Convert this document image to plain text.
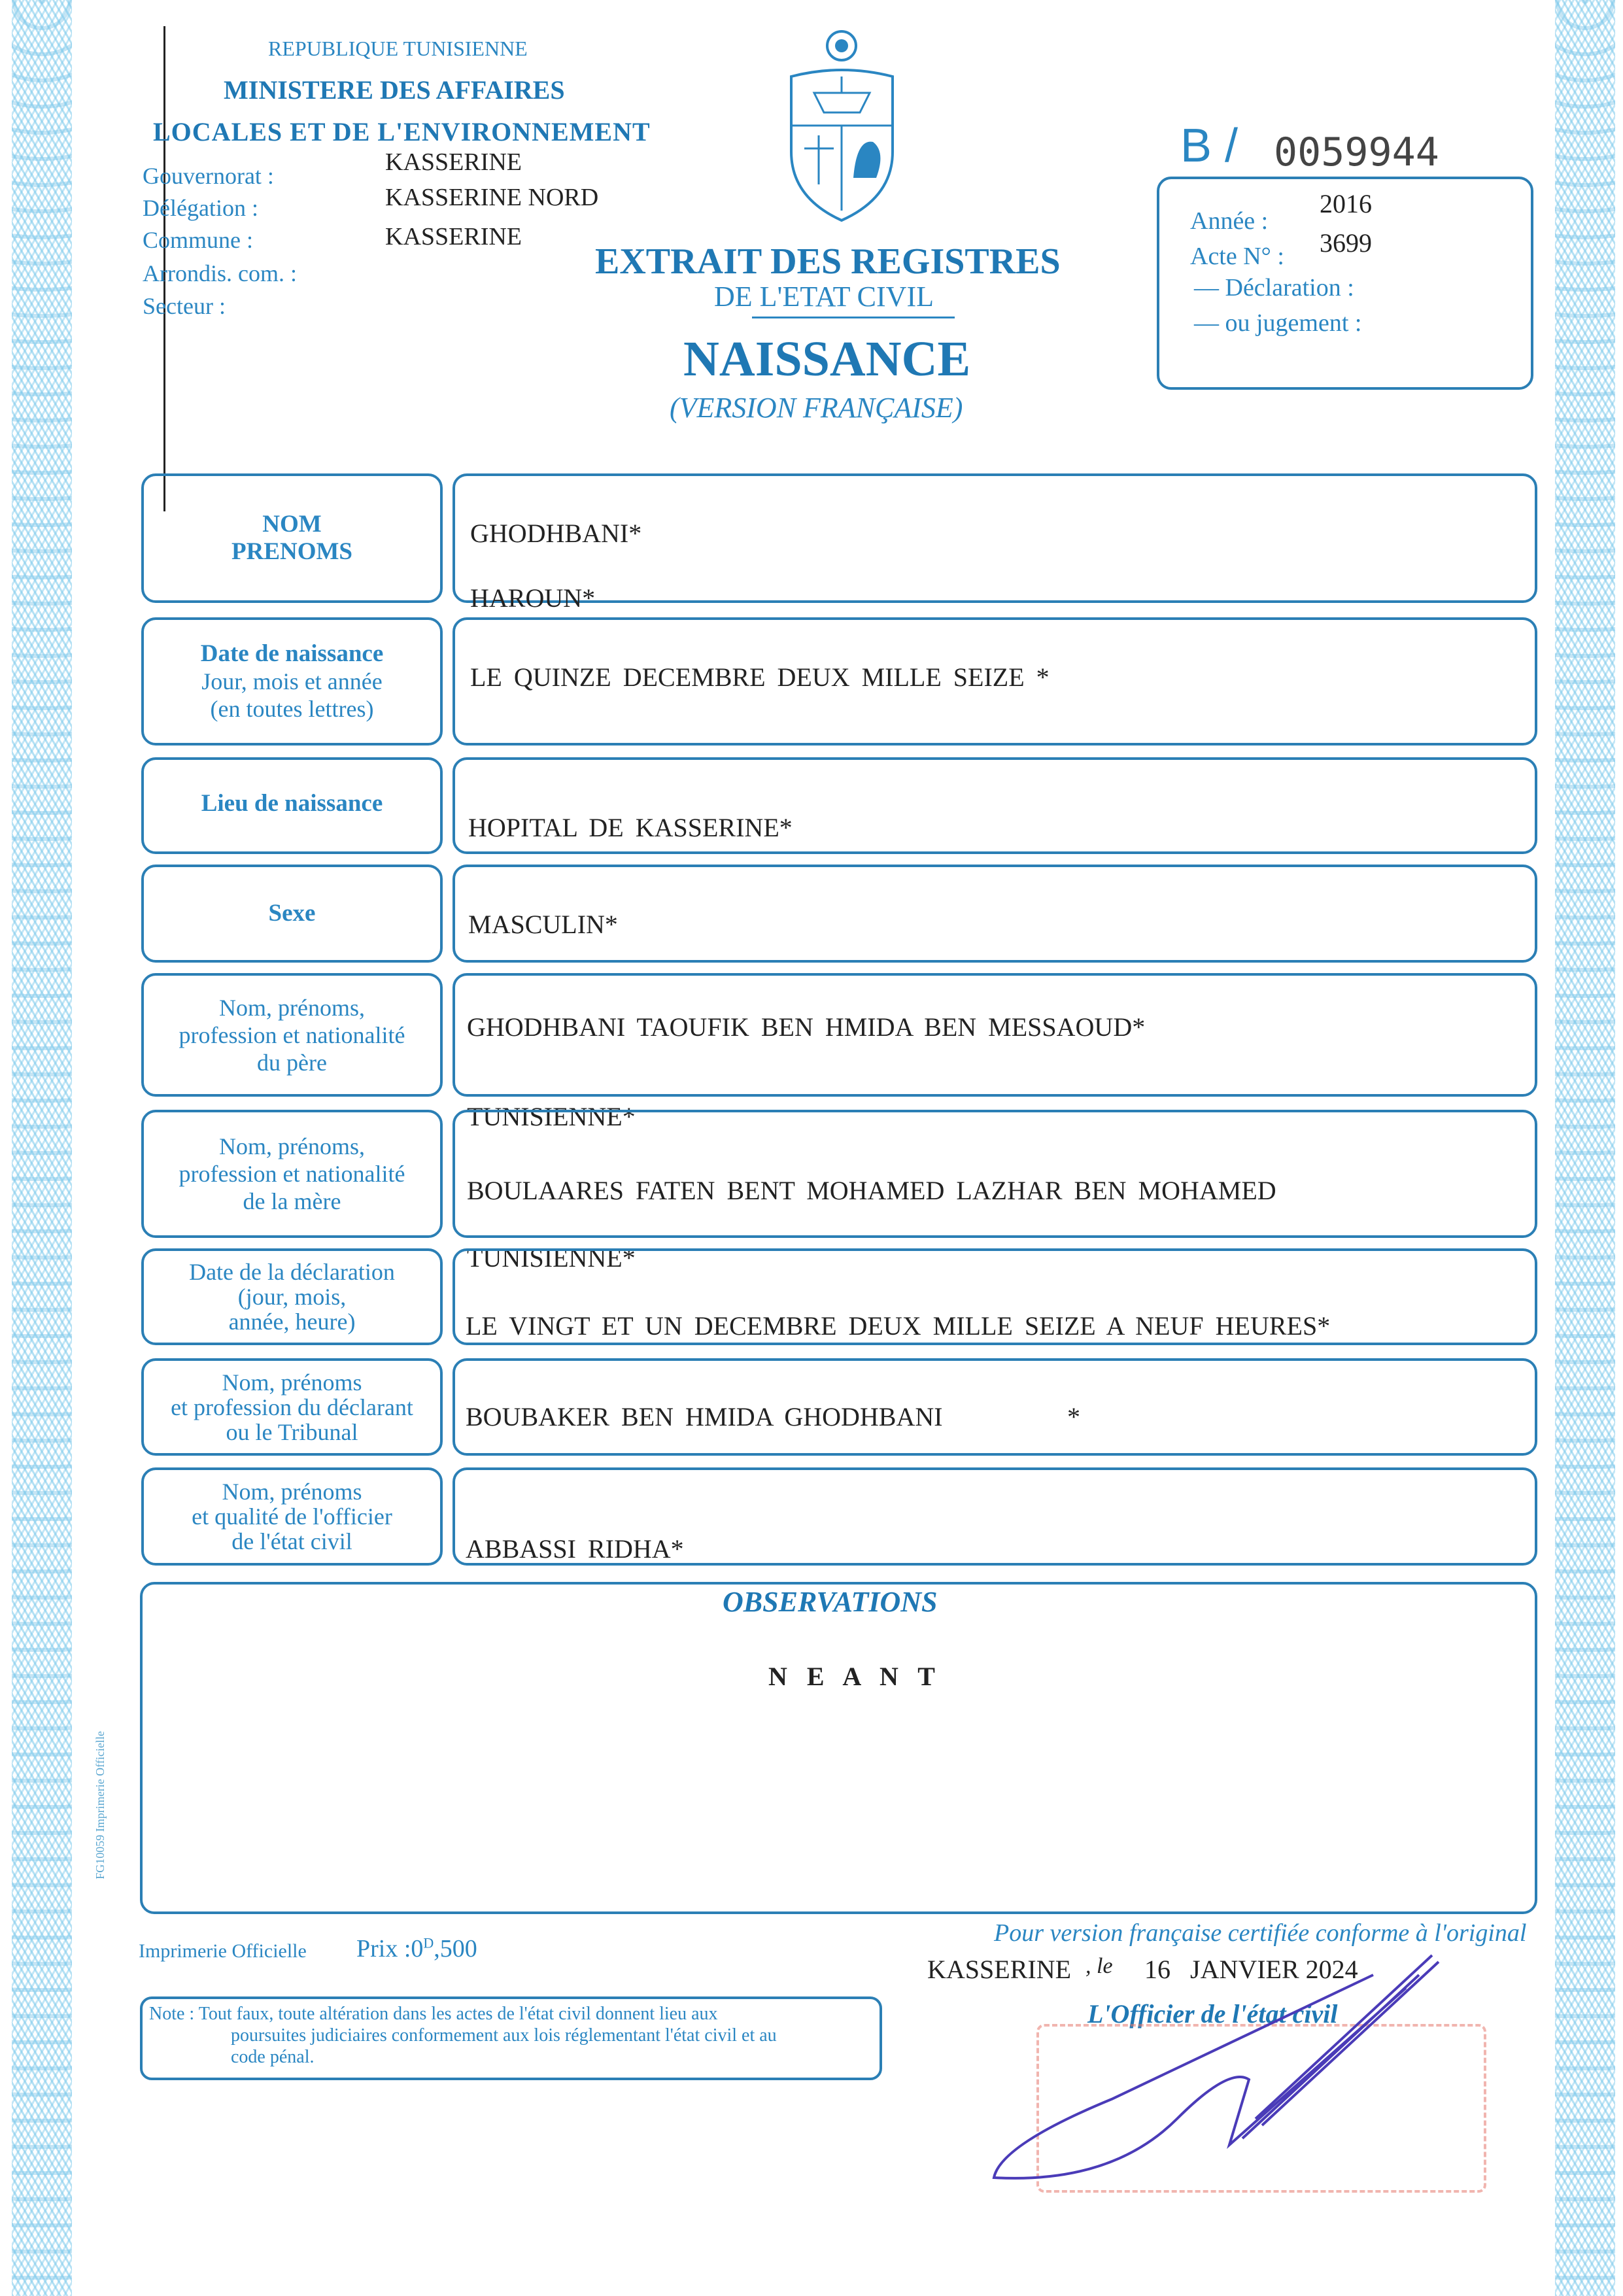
REPUBLIQUE TUNISIENNE
MINISTERE DES AFFAIRES
LOCALES ET DE L'ENVIRONNEMENT
Gouvernorat :	KASSERINE
Délégation :	KASSERINE NORD
Commune :	KASSERINE
Arrondis. com. :
Secteur :
EXTRAIT DES REGISTRES
DE L'ETAT CIVIL
NAISSANCE
(VERSION FRANÇAISE)
B / 0059944
Année :
2016
Acte N° : 3699
— Déclaration :
— ou jugement :
NOM
PRENOMS
GHODHBANI*
HAROUN*
Date de naissance
Jour, mois et année
(en toutes lettres)
LE QUINZE DECEMBRE DEUX MILLE SEIZE *
Lieu de naissance
HOPITAL DE KASSERINE*
Sexe	MASCULIN*
Nom, prénoms,
profession et nationalité
du père
GHODHBANI TAOUFIK BEN HMIDA BEN MESSAOUD*
TUNISIENNE*
Nom, prénoms,
profession et nationalité
de la mère	BOULAARES FATEN BENT MOHAMED LAZHAR BEN MOHAMED
TUNISIENNE*
Date de la déclaration
(jour, mois,
année, heure)	LE VINGT ET UN DECEMBRE DEUX MILLE SEIZE A NEUF HEURES*
Nom, prénoms
et profession du déclarant
ou le Tribunal
BOUBAKER BEN HMIDA GHODHBANI	*
Nom, prénoms
et qualité de l'officier
de l'état civil	ABBASSI RIDHA*
OBSERVATIONS
N E A N T
FG10059 Imprimerie Officielle
Imprimerie Officielle Prix $:0^D,500$
Pour version française certifiée conforme à l'original
KASSERINE , le 16   JANVIER 2024
L'Officier de l'état civil
Note : Tout faux, toute altération dans les actes de l'état civil donnent lieu aux
poursuites judiciaires conformement aux lois réglementant l'état civil et au
code pénal.
